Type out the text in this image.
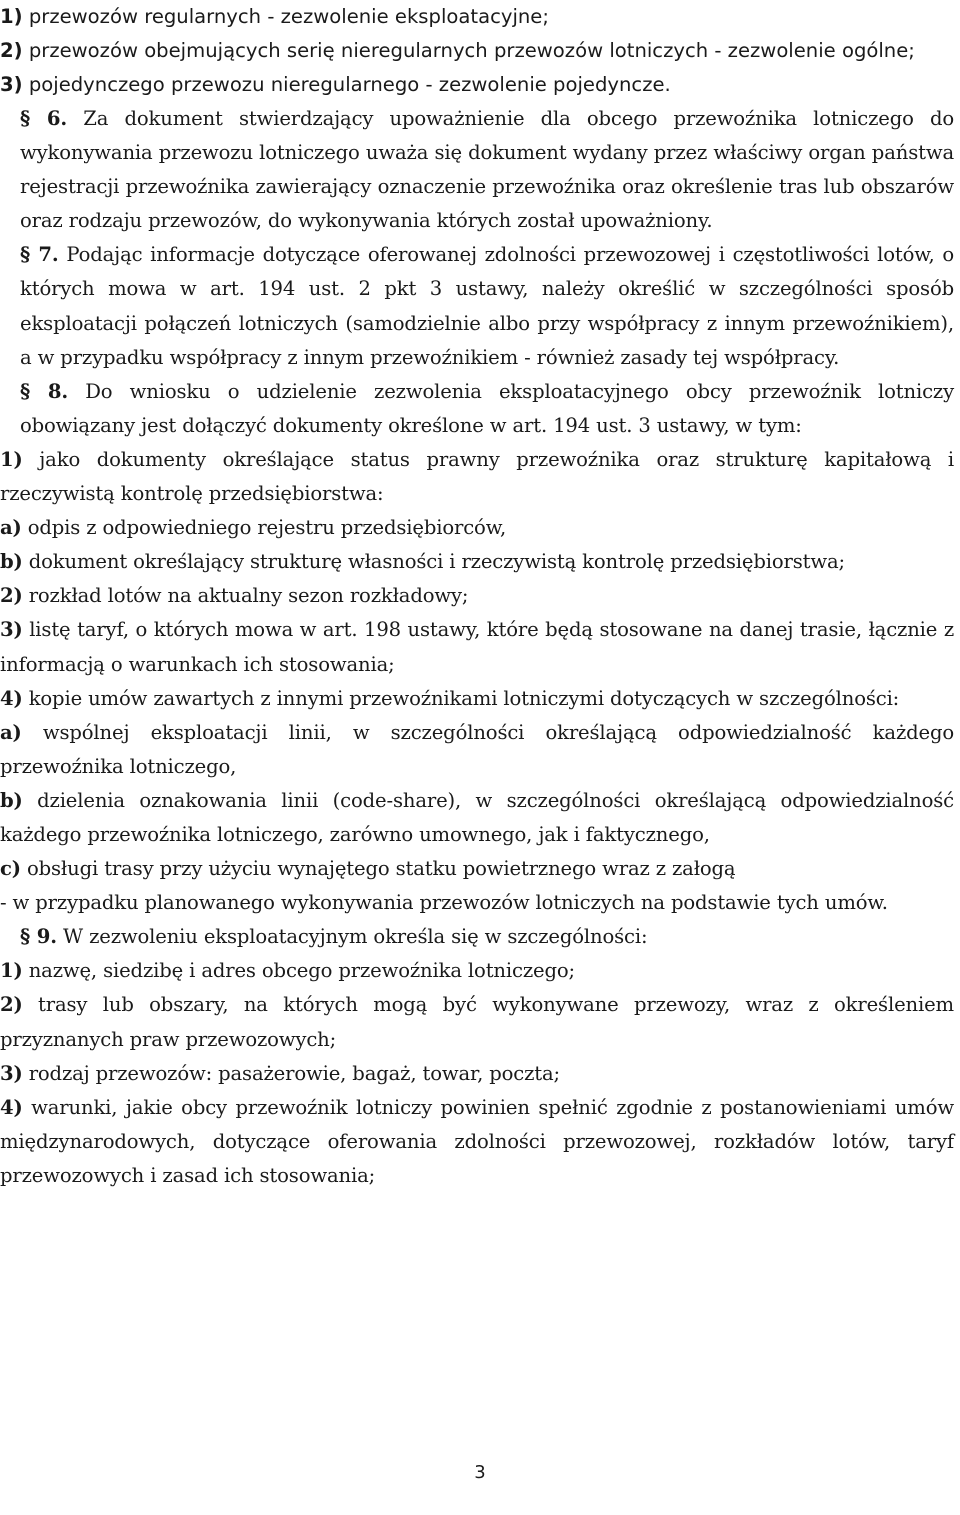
1) przewozów regularnych - zezwolenie eksploatacyjne;

2) przewozów obejmujących serię nieregularnych przewozów lotniczych - zezwolenie ogólne;

3) pojedynczego przewozu nieregularnego - zezwolenie pojedyncze.

§ 6. Za dokument stwierdzający upoważnienie dla obcego przewoźnika lotniczego do wykonywania przewozu lotniczego uważa się dokument wydany przez właściwy organ państwa rejestracji przewoźnika zawierający oznaczenie przewoźnika oraz określenie tras lub obszarów oraz rodzaju przewozów, do wykonywania których został upoważniony.

§ 7. Podając informacje dotyczące oferowanej zdolności przewozowej i częstotliwości lotów, o których mowa w art. 194 ust. 2 pkt 3 ustawy, należy określić w szczególności sposób eksploatacji połączeń lotniczych (samodzielnie albo przy współpracy z innym przewoźnikiem), a w przypadku współpracy z innym przewoźnikiem - również zasady tej współpracy.

§ 8. Do wniosku o udzielenie zezwolenia eksploatacyjnego obcy przewoźnik lotniczy obowiązany jest dołączyć dokumenty określone w art. 194 ust. 3 ustawy, w tym:

1) jako dokumenty określające status prawny przewoźnika oraz strukturę kapitałową i rzeczywistą kontrolę przedsiębiorstwa:

a) odpis z odpowiedniego rejestru przedsiębiorców,

b) dokument określający strukturę własności i rzeczywistą kontrolę przedsiębiorstwa;

2) rozkład lotów na aktualny sezon rozkładowy;

3) listę taryf, o których mowa w art. 198 ustawy, które będą stosowane na danej trasie, łącznie z informacją o warunkach ich stosowania;

4) kopie umów zawartych z innymi przewoźnikami lotniczymi dotyczących w szczególności:

a) wspólnej eksploatacji linii, w szczególności określającą odpowiedzialność każdego przewoźnika lotniczego,

b) dzielenia oznakowania linii (code-share), w szczególności określającą odpowiedzialność każdego przewoźnika lotniczego, zarówno umownego, jak i faktycznego,

c) obsługi trasy przy użyciu wynajętego statku powietrznego wraz z załogą

- w przypadku planowanego wykonywania przewozów lotniczych na podstawie tych umów.

§ 9. W zezwoleniu eksploatacyjnym określa się w szczególności:

1) nazwę, siedzibę i adres obcego przewoźnika lotniczego;

2) trasy lub obszary, na których mogą być wykonywane przewozy, wraz z określeniem przyznanych praw przewozowych;

3) rodzaj przewozów: pasażerowie, bagaż, towar, poczta;

4) warunki, jakie obcy przewoźnik lotniczy powinien spełnić zgodnie z postanowieniami umów międzynarodowych, dotyczące oferowania zdolności przewozowej, rozkładów lotów, taryf przewozowych i zasad ich stosowania;

3
